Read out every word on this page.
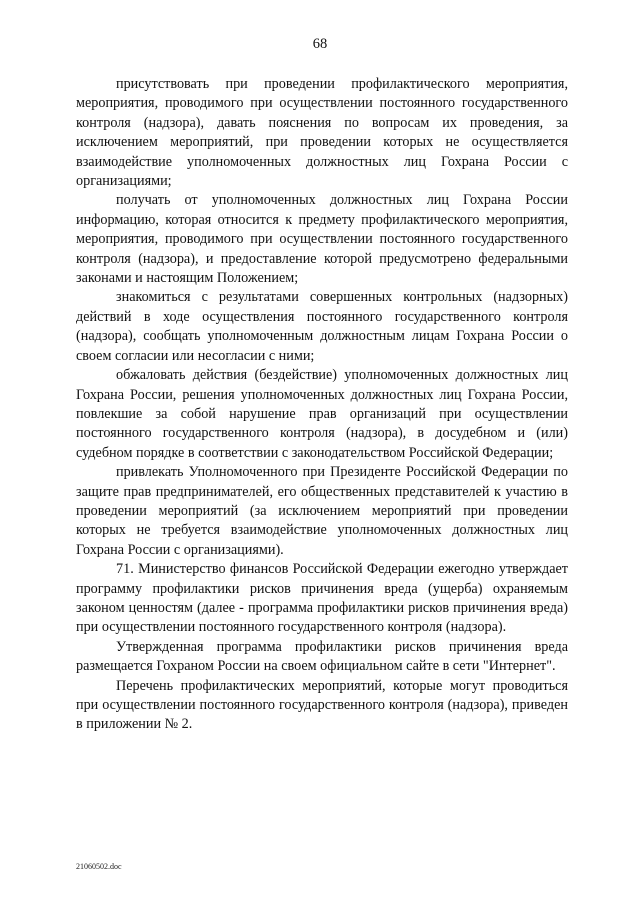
68

присутствовать при проведении профилактического мероприятия, мероприятия, проводимого при осуществлении постоянного государственного контроля (надзора), давать пояснения по вопросам их проведения, за исключением мероприятий, при проведении которых не осуществляется взаимодействие уполномоченных должностных лиц Гохрана России с организациями;

получать от уполномоченных должностных лиц Гохрана России информацию, которая относится к предмету профилактического мероприятия, мероприятия, проводимого при осуществлении постоянного государственного контроля (надзора), и предоставление которой предусмотрено федеральными законами и настоящим Положением;

знакомиться с результатами совершенных контрольных (надзорных) действий в ходе осуществления постоянного государственного контроля (надзора), сообщать уполномоченным должностным лицам Гохрана России о своем согласии или несогласии с ними;

обжаловать действия (бездействие) уполномоченных должностных лиц Гохрана России, решения уполномоченных должностных лиц Гохрана России, повлекшие за собой нарушение прав организаций при осуществлении постоянного государственного контроля (надзора), в досудебном и (или) судебном порядке в соответствии с законодательством Российской Федерации;

привлекать Уполномоченного при Президенте Российской Федерации по защите прав предпринимателей, его общественных представителей к участию в проведении мероприятий (за исключением мероприятий при проведении которых не требуется взаимодействие уполномоченных должностных лиц Гохрана России с организациями).

71. Министерство финансов Российской Федерации ежегодно утверждает программу профилактики рисков причинения вреда (ущерба) охраняемым законом ценностям (далее - программа профилактики рисков причинения вреда) при осуществлении постоянного государственного контроля (надзора).

Утвержденная программа профилактики рисков причинения вреда размещается Гохраном России на своем официальном сайте в сети "Интернет".

Перечень профилактических мероприятий, которые могут проводиться при осуществлении постоянного государственного контроля (надзора), приведен в приложении № 2.

21060502.doc
